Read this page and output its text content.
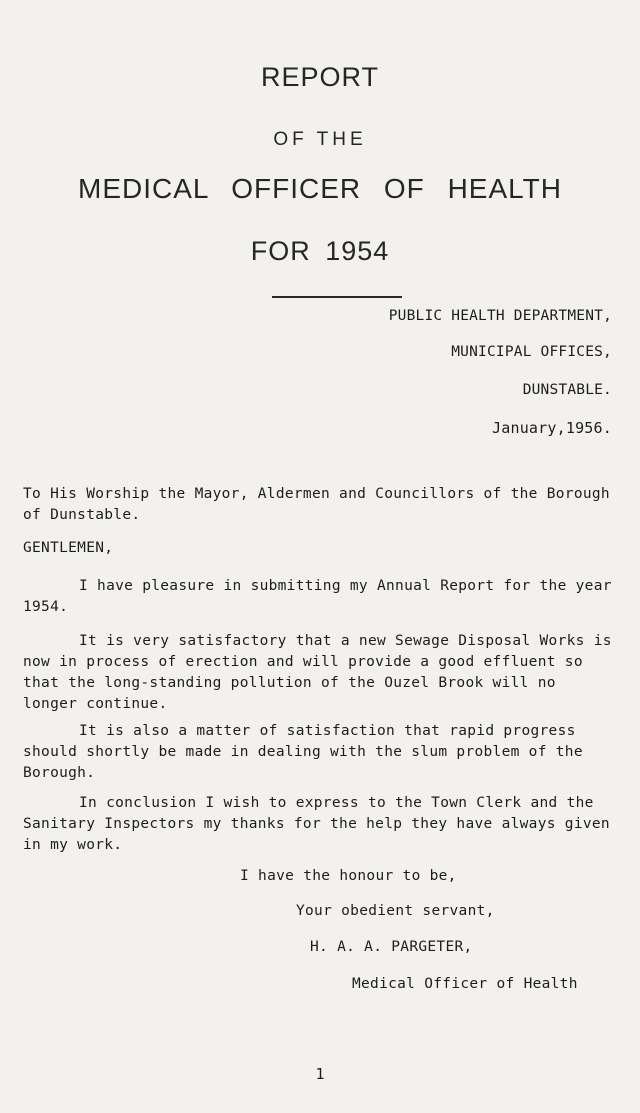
REPORT
OF THE
MEDICAL OFFICER OF HEALTH
FOR 1954
PUBLIC HEALTH DEPARTMENT,
MUNICIPAL OFFICES,
DUNSTABLE.
January,1956.
To His Worship the Mayor, Aldermen and Councillors of the Borough of Dunstable.
GENTLEMEN,
I have pleasure in submitting my Annual Report for the year 1954.
It is very satisfactory that a new Sewage Disposal Works is now in process of erection and will provide a good effluent so that the long-standing pollution of the Ouzel Brook will no longer continue.
It is also a matter of satisfaction that rapid progress should shortly be made in dealing with the slum problem of the Borough.
In conclusion I wish to express to the Town Clerk and the Sanitary Inspectors my thanks for the help they have always given in my work.
I have the honour to be,
Your obedient servant,
H. A. A. PARGETER,
Medical Officer of Health
1
